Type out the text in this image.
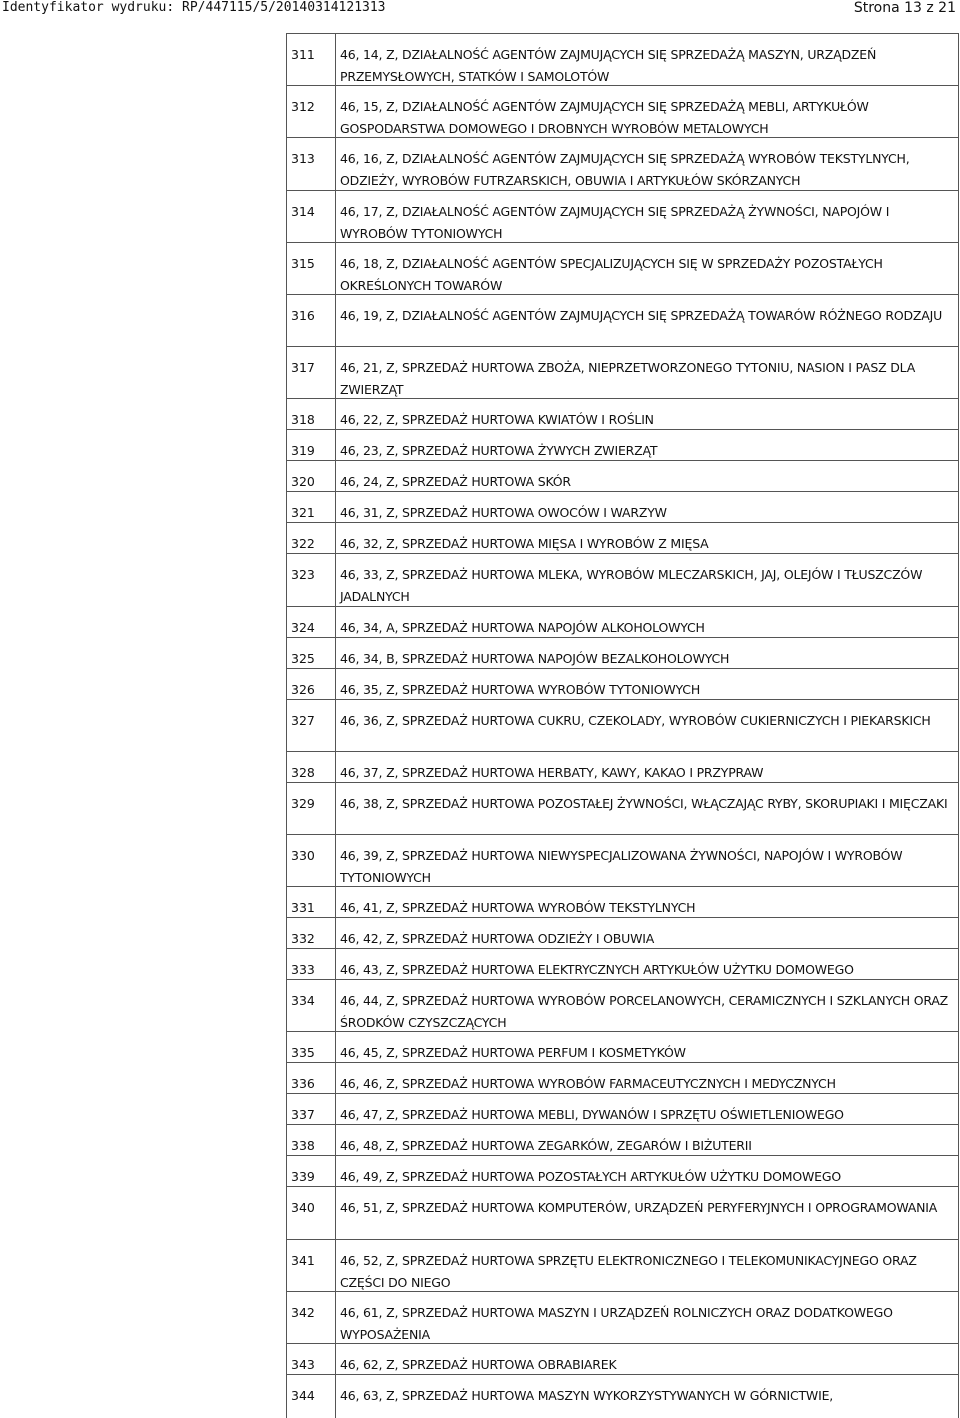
Identyfikator wydruku: RP/447115/5/20140314121313	Strona 13 z 21
311 46, 14, Z, DZIAŁALNOŚĆ AGENTÓW ZAJMUJĄCYCH SIĘ SPRZEDAŻĄ MASZYN, URZĄDZEŃ PRZEMYSŁOWYCH, STATKÓW I SAMOLOTÓW
312 46, 15, Z, DZIAŁALNOŚĆ AGENTÓW ZAJMUJĄCYCH SIĘ SPRZEDAŻĄ MEBLI, ARTYKUŁÓW GOSPODARSTWA DOMOWEGO I DROBNYCH WYROBÓW METALOWYCH
313 46, 16, Z, DZIAŁALNOŚĆ AGENTÓW ZAJMUJĄCYCH SIĘ SPRZEDAŻĄ WYROBÓW TEKSTYLNYCH, ODZIEŻY, WYROBÓW FUTRZARSKICH, OBUWIA I ARTYKUŁÓW SKÓRZANYCH
314 46, 17, Z, DZIAŁALNOŚĆ AGENTÓW ZAJMUJĄCYCH SIĘ SPRZEDAŻĄ ŻYWNOŚCI, NAPOJÓW I WYROBÓW TYTONIOWYCH
315 46, 18, Z, DZIAŁALNOŚĆ AGENTÓW SPECJALIZUJĄCYCH SIĘ W SPRZEDAŻY POZOSTAŁYCH OKREŚLONYCH TOWARÓW
316 46, 19, Z, DZIAŁALNOŚĆ AGENTÓW ZAJMUJĄCYCH SIĘ SPRZEDAŻĄ TOWARÓW RÓŻNEGO RODZAJU
317 46, 21, Z, SPRZEDAŻ HURTOWA ZBOŻA, NIEPRZETWORZONEGO TYTONIU, NASION I PASZ DLA ZWIERZĄT
318 46, 22, Z, SPRZEDAŻ HURTOWA KWIATÓW I ROŚLIN
319 46, 23, Z, SPRZEDAŻ HURTOWA ŻYWYCH ZWIERZĄT
320 46, 24, Z, SPRZEDAŻ HURTOWA SKÓR
321 46, 31, Z, SPRZEDAŻ HURTOWA OWOCÓW I WARZYW
322 46, 32, Z, SPRZEDAŻ HURTOWA MIĘSA I WYROBÓW Z MIĘSA
323 46, 33, Z, SPRZEDAŻ HURTOWA MLEKA, WYROBÓW MLECZARSKICH, JAJ, OLEJÓW I TŁUSZCZÓW JADALNYCH
324 46, 34, A, SPRZEDAŻ HURTOWA NAPOJÓW ALKOHOLOWYCH
325 46, 34, B, SPRZEDAŻ HURTOWA NAPOJÓW BEZALKOHOLOWYCH
326 46, 35, Z, SPRZEDAŻ HURTOWA WYROBÓW TYTONIOWYCH
327 46, 36, Z, SPRZEDAŻ HURTOWA CUKRU, CZEKOLADY, WYROBÓW CUKIERNICZYCH I PIEKARSKICH
328 46, 37, Z, SPRZEDAŻ HURTOWA HERBATY, KAWY, KAKAO I PRZYPRAW
329 46, 38, Z, SPRZEDAŻ HURTOWA POZOSTAŁEJ ŻYWNOŚCI, WŁĄCZAJĄC RYBY, SKORUPIAKI I MIĘCZAKI
330 46, 39, Z, SPRZEDAŻ HURTOWA NIEWYSPECJALIZOWANA ŻYWNOŚCI, NAPOJÓW I WYROBÓW TYTONIOWYCH
331 46, 41, Z, SPRZEDAŻ HURTOWA WYROBÓW TEKSTYLNYCH
332 46, 42, Z, SPRZEDAŻ HURTOWA ODZIEŻY I OBUWIA
333 46, 43, Z, SPRZEDAŻ HURTOWA ELEKTRYCZNYCH ARTYKUŁÓW UŻYTKU DOMOWEGO
334 46, 44, Z, SPRZEDAŻ HURTOWA WYROBÓW PORCELANOWYCH, CERAMICZNYCH I SZKLANYCH ORAZ ŚRODKÓW CZYSZCZĄCYCH
335 46, 45, Z, SPRZEDAŻ HURTOWA PERFUM I KOSMETYKÓW
336 46, 46, Z, SPRZEDAŻ HURTOWA WYROBÓW FARMACEUTYCZNYCH I MEDYCZNYCH
337 46, 47, Z, SPRZEDAŻ HURTOWA MEBLI, DYWANÓW I SPRZĘTU OŚWIETLENIOWEGO
338 46, 48, Z, SPRZEDAŻ HURTOWA ZEGARKÓW, ZEGARÓW I BIŻUTERII
339 46, 49, Z, SPRZEDAŻ HURTOWA POZOSTAŁYCH ARTYKUŁÓW UŻYTKU DOMOWEGO
340 46, 51, Z, SPRZEDAŻ HURTOWA KOMPUTERÓW, URZĄDZEŃ PERYFERYJNYCH I OPROGRAMOWANIA
341 46, 52, Z, SPRZEDAŻ HURTOWA SPRZĘTU ELEKTRONICZNEGO I TELEKOMUNIKACYJNEGO ORAZ CZĘŚCI DO NIEGO
342 46, 61, Z, SPRZEDAŻ HURTOWA MASZYN I URZĄDZEŃ ROLNICZYCH ORAZ DODATKOWEGO WYPOSAŻENIA
343 46, 62, Z, SPRZEDAŻ HURTOWA OBRABIAREK
344 46, 63, Z, SPRZEDAŻ HURTOWA MASZYN WYKORZYSTYWANYCH W GÓRNICTWIE,
